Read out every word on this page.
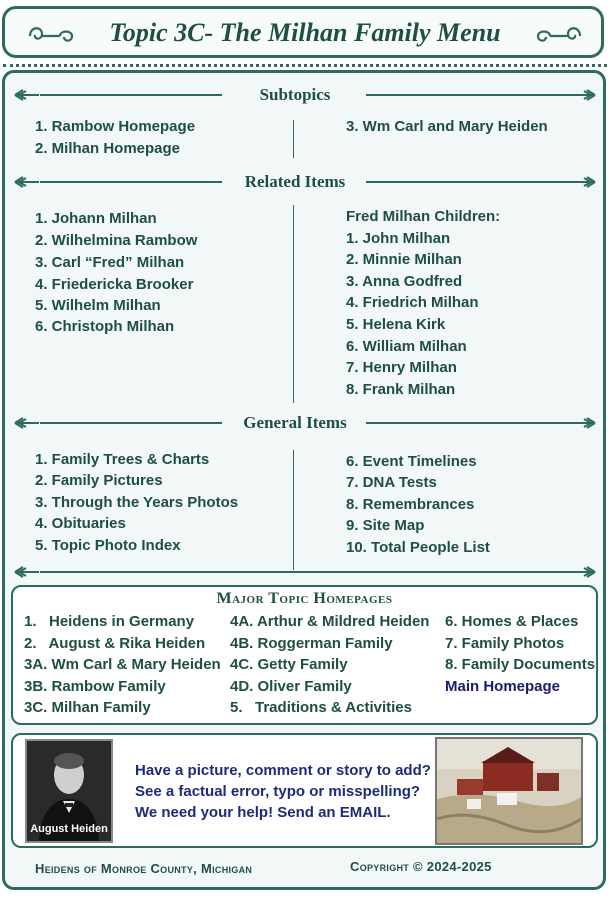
Topic 3C- The Milhan Family Menu
Subtopics
1. Rambow Homepage
2. Milhan Homepage
3. Wm Carl and Mary Heiden
Related Items
1. Johann Milhan
2. Wilhelmina Rambow
3. Carl “Fred” Milhan
4. Friedericka Brooker
5. Wilhelm Milhan
6. Christoph Milhan
Fred Milhan Children:
1. John Milhan
2. Minnie Milhan
3. Anna Godfred
4. Friedrich Milhan
5. Helena Kirk
6. William Milhan
7. Henry Milhan
8. Frank Milhan
General Items
1. Family Trees & Charts
2. Family Pictures
3. Through the Years Photos
4. Obituaries
5. Topic Photo Index
6. Event Timelines
7. DNA Tests
8. Remembrances
9. Site Map
10. Total People List
Major Topic Homepages
1.   Heidens in Germany
2.   August & Rika Heiden
3A. Wm Carl & Mary Heiden
3B. Rambow Family
3C. Milhan Family
4A. Arthur & Mildred Heiden
4B. Roggerman Family
4C. Getty Family
4D. Oliver Family
5.   Traditions & Activities
6. Homes & Places
7. Family Photos
8. Family Documents
Main Homepage
August Heiden
Have a picture, comment or story to add?
See a factual error, typo or misspelling?
We need your help! Send an EMAIL.
Heidens of Monroe County, Michigan	Copyright © 2024-2025
